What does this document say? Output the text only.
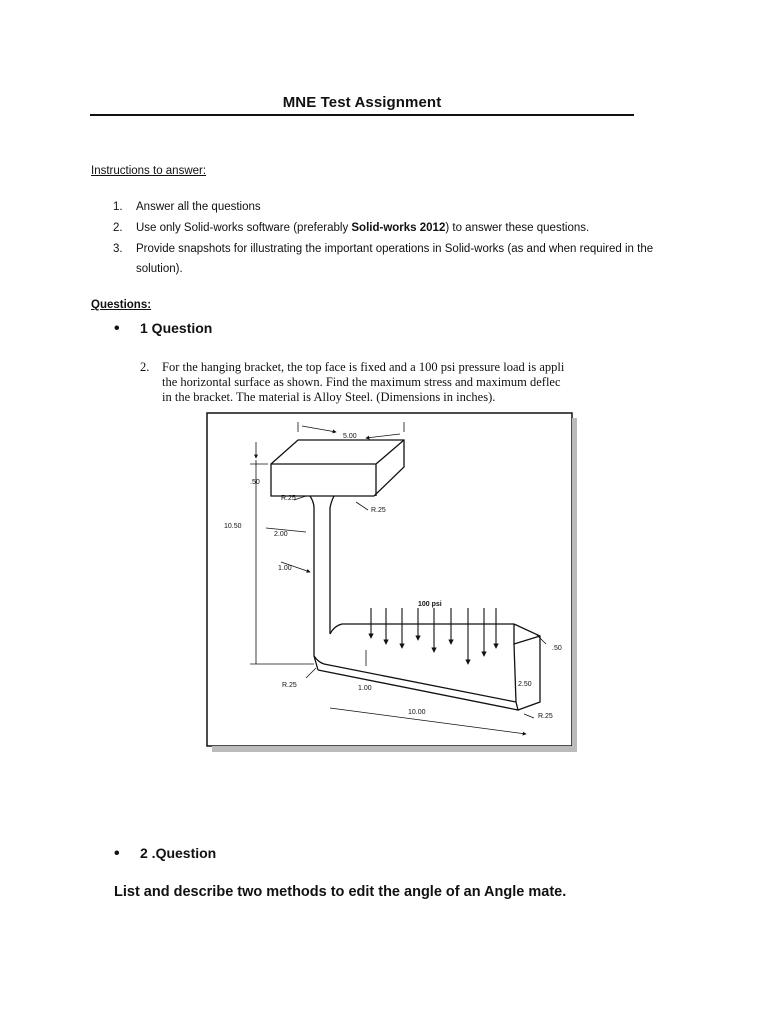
MNE Test Assignment
Instructions to answer:
1. Answer all the questions
2. Use only Solid-works software (preferably Solid-works 2012) to answer these questions.
3. Provide snapshots for illustrating the important operations in Solid-works (as and when required in the solution).
Questions:
• 1 Question
2. For the hanging bracket, the top face is fixed and a 100 psi pressure load is appli
the horizontal surface as shown. Find the maximum stress and maximum deflec
in the bracket. The material is Alloy Steel. (Dimensions in inches).
5.00
.50
R.25
R.25
10.50
2.00
1.00
100 psi
.50
2.50
R.25	1.00
10.00
R.25
• 2 .Question
List and describe two methods to edit the angle of an Angle mate.
